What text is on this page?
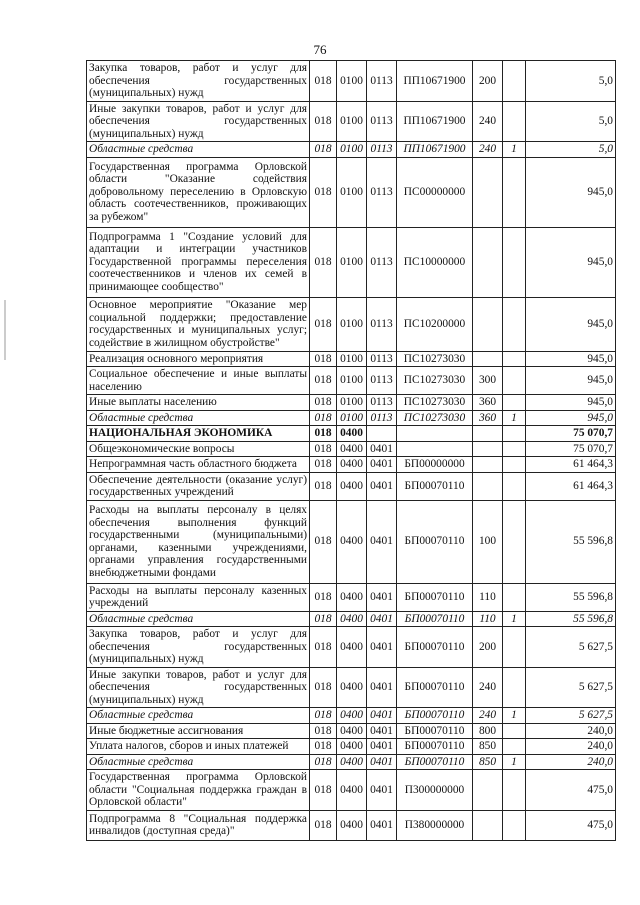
76
Закупка товаров, работ и услуг для обеспечения государственных (муниципальных) нужд	018	0100	0113	ПП10671900	200		5,0
Иные закупки товаров, работ и услуг для обеспечения государственных (муниципальных) нужд	018	0100	0113	ПП10671900	240		5,0
Областные средства	018	0100	0113	ПП10671900	240	1	5,0
Государственная программа Орловской области "Оказание содействия добровольному переселению в Орловскую область соотечественников, проживающих за рубежом"	018	0100	0113	ПС00000000			945,0
Подпрограмма 1 "Создание условий для адаптации и интеграции участников Государственной программы переселения соотечественников и членов их семей в принимающее сообщество"	018	0100	0113	ПС10000000			945,0
Основное мероприятие "Оказание мер социальной поддержки; предоставление государственных и муниципальных услуг; содействие в жилищном обустройстве"	018	0100	0113	ПС10200000			945,0
Реализация основного мероприятия	018	0100	0113	ПС10273030			945,0
Социальное обеспечение и иные выплаты населению	018	0100	0113	ПС10273030	300		945,0
Иные выплаты населению	018	0100	0113	ПС10273030	360		945,0
Областные средства	018	0100	0113	ПС10273030	360	1	945,0
НАЦИОНАЛЬНАЯ ЭКОНОМИКА	018	0400					75 070,7
Общеэкономические вопросы	018	0400	0401				75 070,7
Непрограммная часть областного бюджета	018	0400	0401	БП00000000			61 464,3
Обеспечение деятельности (оказание услуг) государственных учреждений	018	0400	0401	БП00070110			61 464,3
Расходы на выплаты персоналу в целях обеспечения выполнения функций государственными (муниципальными) органами, казенными учреждениями, органами управления государственными внебюджетными фондами	018	0400	0401	БП00070110	100		55 596,8
Расходы на выплаты персоналу казенных учреждений	018	0400	0401	БП00070110	110		55 596,8
Областные средства	018	0400	0401	БП00070110	110	1	55 596,8
Закупка товаров, работ и услуг для обеспечения государственных (муниципальных) нужд	018	0400	0401	БП00070110	200		5 627,5
Иные закупки товаров, работ и услуг для обеспечения государственных (муниципальных) нужд	018	0400	0401	БП00070110	240		5 627,5
Областные средства	018	0400	0401	БП00070110	240	1	5 627,5
Иные бюджетные ассигнования	018	0400	0401	БП00070110	800		240,0
Уплата налогов, сборов и иных платежей	018	0400	0401	БП00070110	850		240,0
Областные средства	018	0400	0401	БП00070110	850	1	240,0
Государственная программа Орловской области "Социальная поддержка граждан в Орловской области"	018	0400	0401	П300000000			475,0
Подпрограмма 8 "Социальная поддержка инвалидов (доступная среда)"	018	0400	0401	П380000000			475,0
